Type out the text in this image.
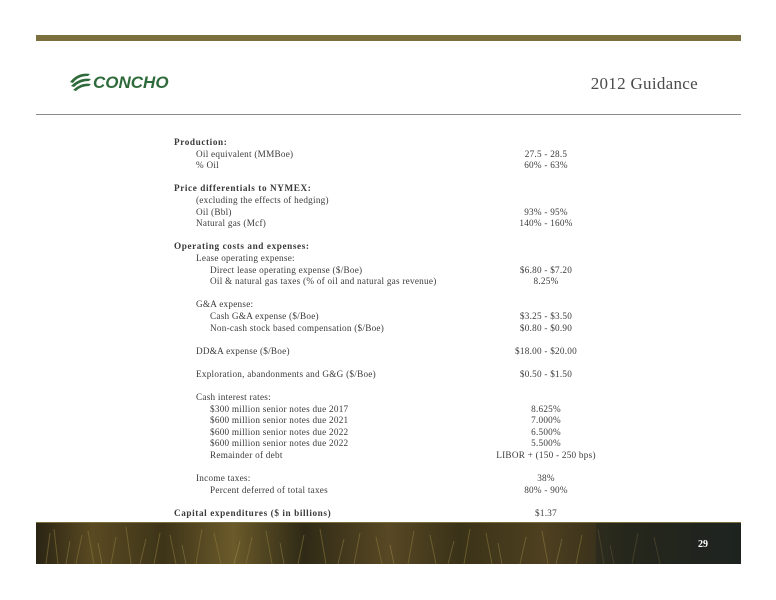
CONCHO	2012 Guidance
Production:
Oil equivalent (MMBoe)	27.5 - 28.5
% Oil	60% - 63%
Price differentials to NYMEX:
(excluding the effects of hedging)
Oil (Bbl)	93% - 95%
Natural gas (Mcf)	140% - 160%
Operating costs and expenses:
Lease operating expense:
Direct lease operating expense ($/Boe)	$6.80 - $7.20
Oil & natural gas taxes (% of oil and natural gas revenue)	8.25%
G&A expense:
Cash G&A expense ($/Boe)	$3.25 - $3.50
Non-cash stock based compensation ($/Boe)	$0.80 - $0.90
DD&A expense ($/Boe)	$18.00 - $20.00
Exploration, abandonments and G&G ($/Boe)	$0.50 - $1.50
Cash interest rates:
$300 million senior notes due 2017	8.625%
$600 million senior notes due 2021	7.000%
$600 million senior notes due 2022	6.500%
$600 million senior notes due 2022	5.500%
Remainder of debt	LIBOR + (150 - 250 bps)
Income taxes:	38%
Percent deferred of total taxes	80% - 90%
Capital expenditures ($ in billions)	$1.37
29
